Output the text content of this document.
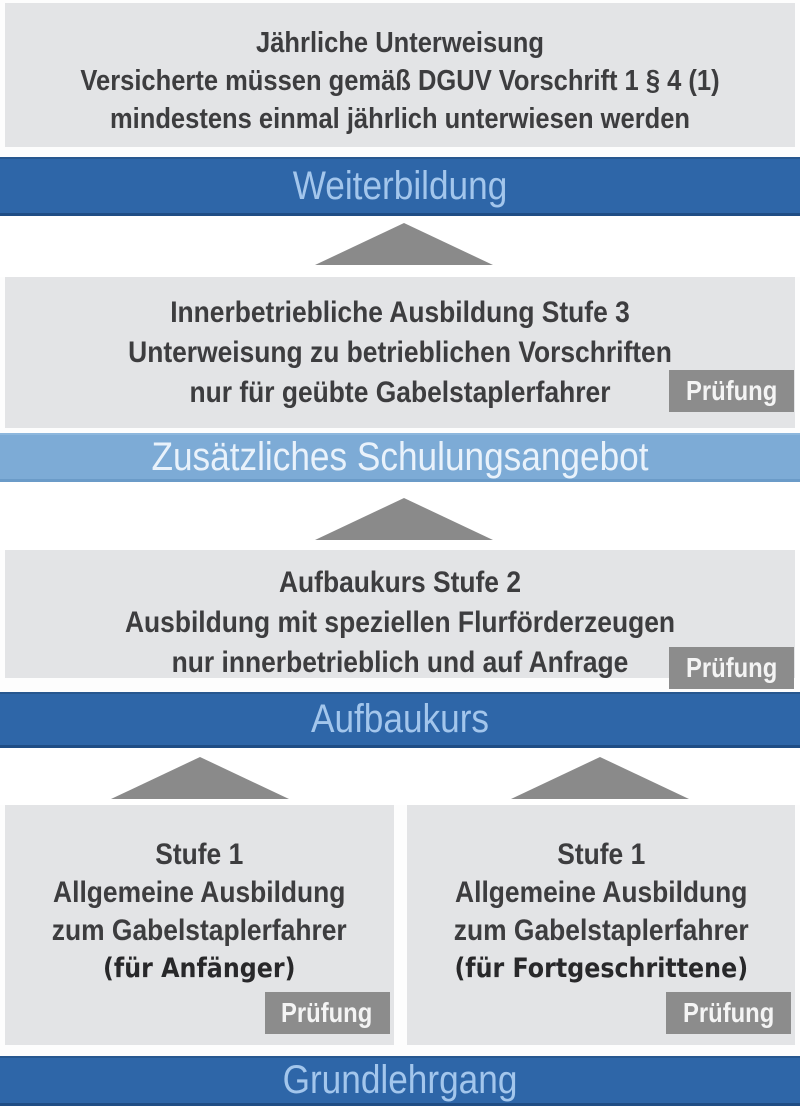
Jährliche Unterweisung
Versicherte müssen gemäß DGUV Vorschrift 1 § 4 (1)
mindestens einmal jährlich unterwiesen werden
Weiterbildung
Innerbetriebliche Ausbildung Stufe 3
Unterweisung zu betrieblichen Vorschriften
nur für geübte Gabelstaplerfahrer	Prüfung
Zusätzliches Schulungsangebot
Aufbaukurs Stufe 2
Ausbildung mit speziellen Flurförderzeugen
nur innerbetrieblich und auf Anfrage	Prüfung
Aufbaukurs
Stufe 1
Allgemeine Ausbildung
zum Gabelstaplerfahrer
(für Anfänger)
Prüfung
Stufe 1
Allgemeine Ausbildung
zum Gabelstaplerfahrer
(für Fortgeschrittene)
Prüfung
Grundlehrgang
